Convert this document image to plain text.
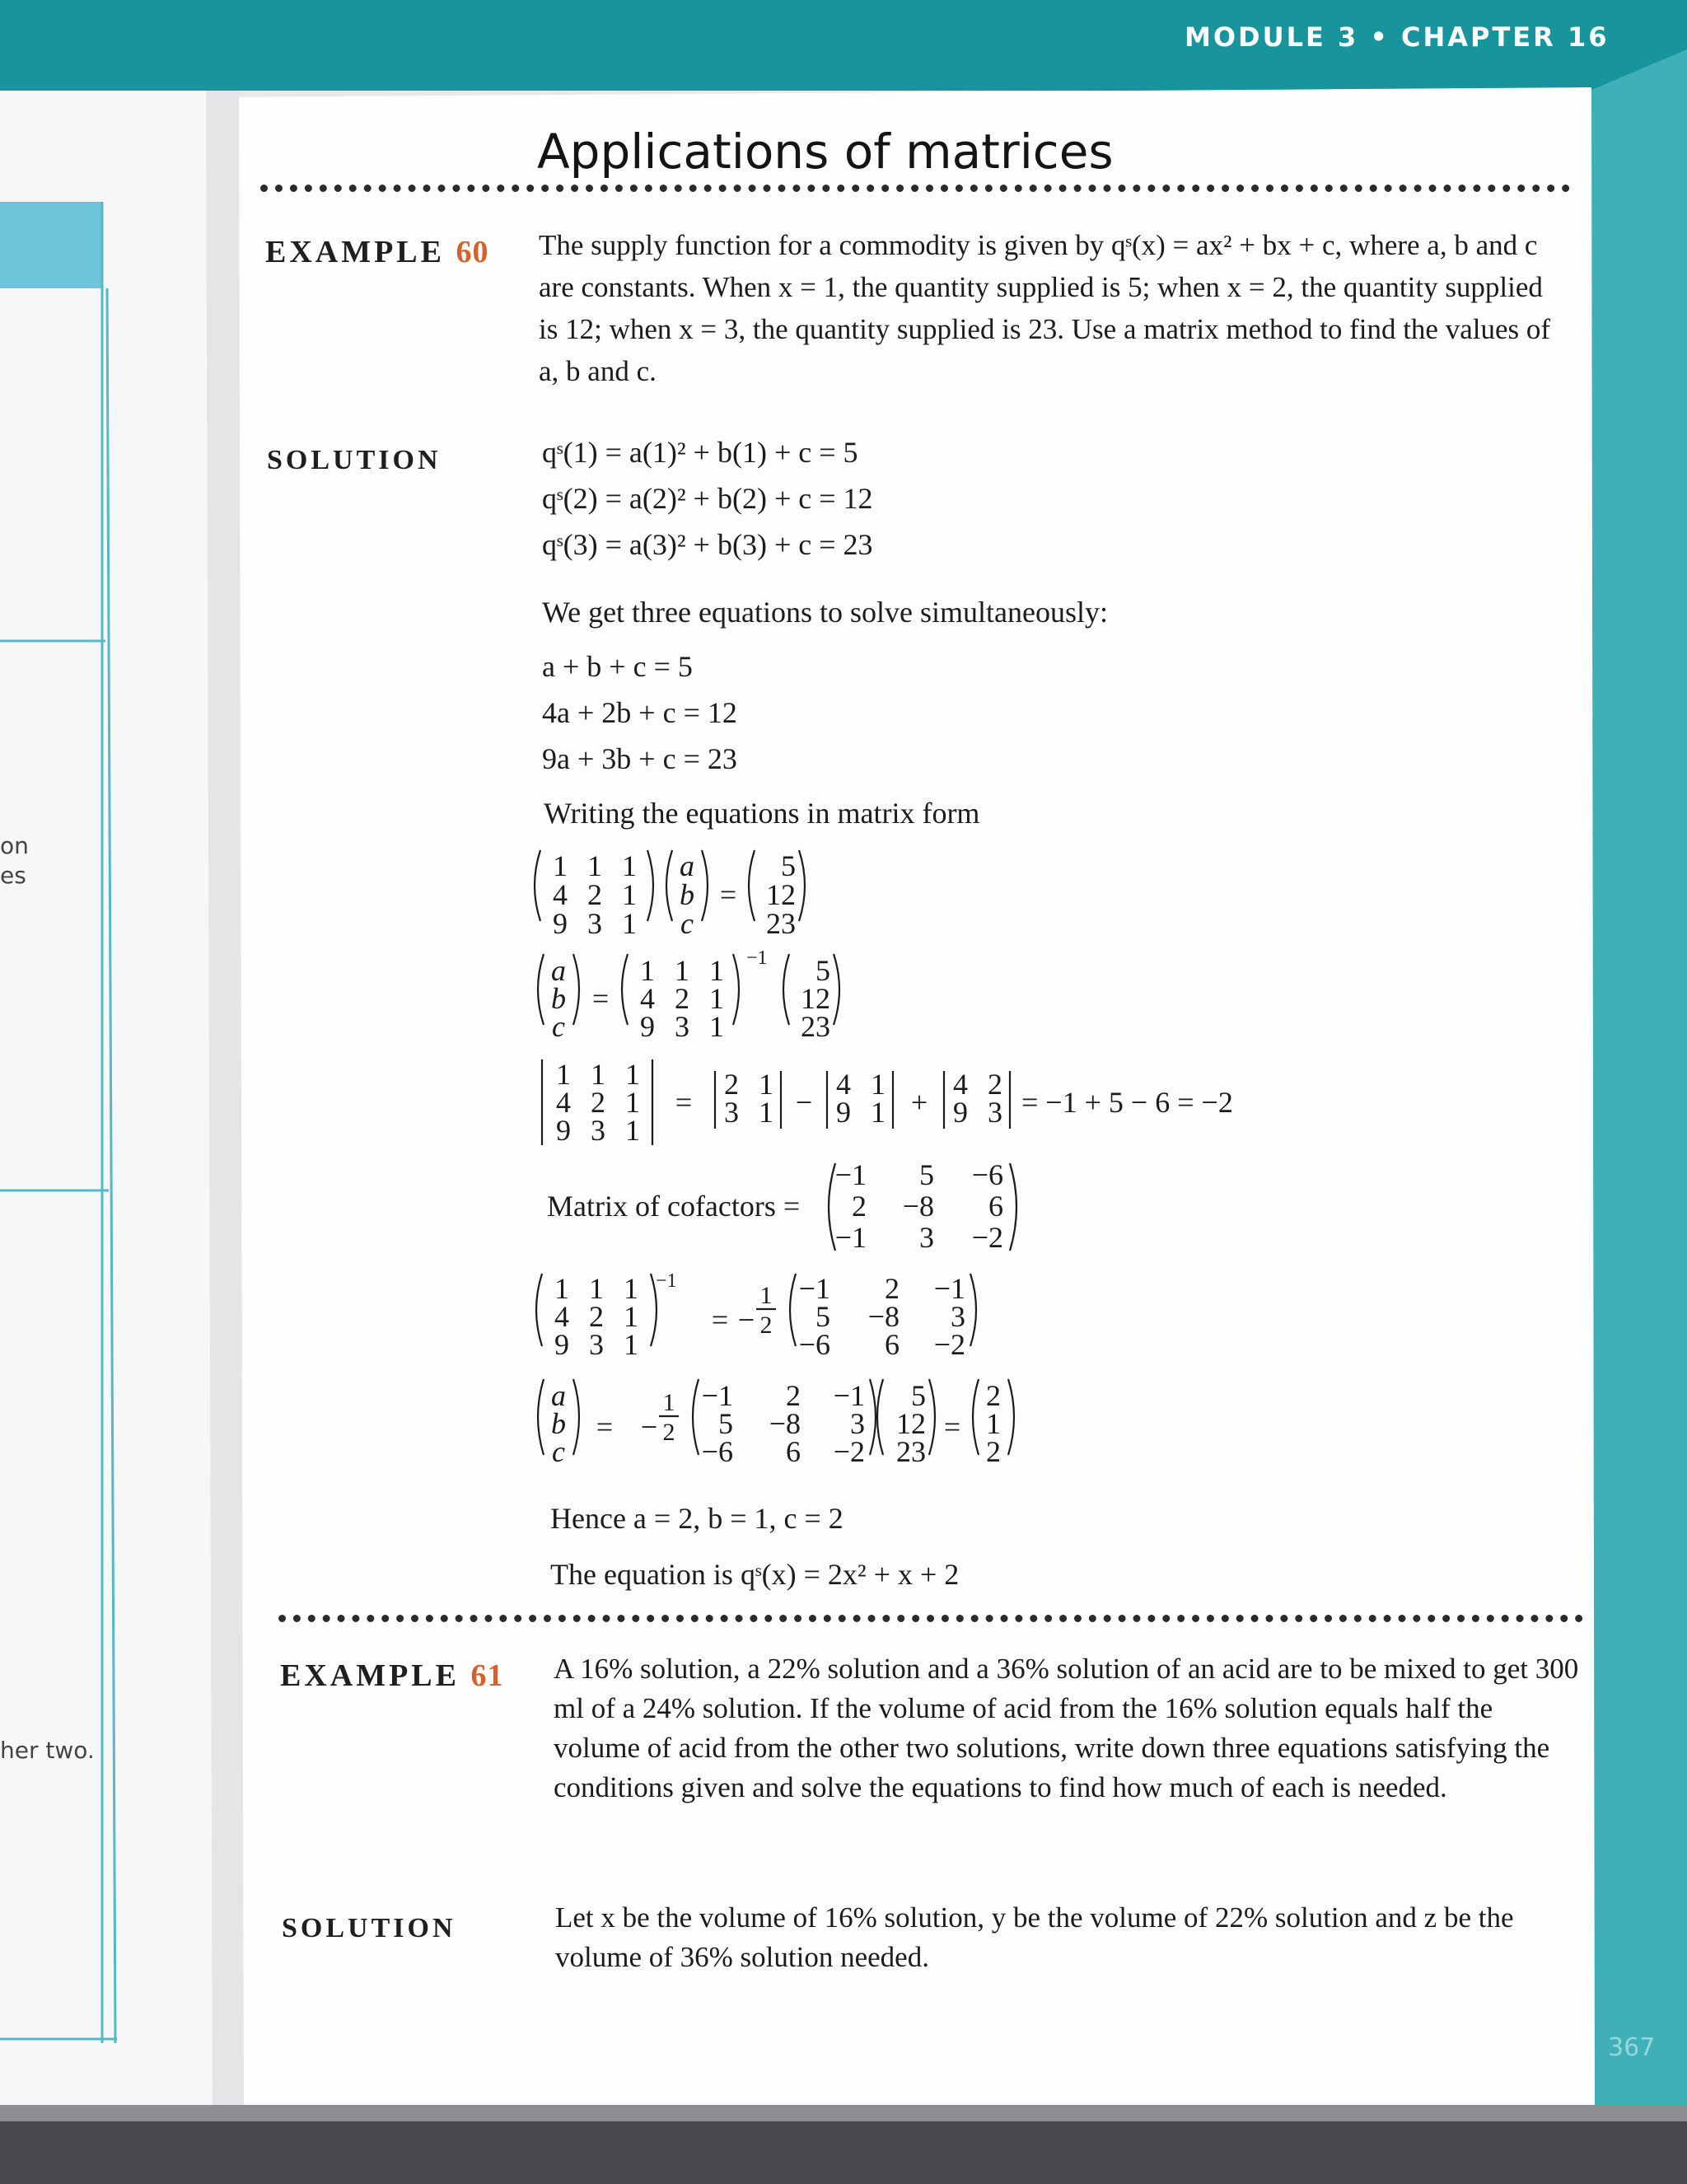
MODULE 3 • CHAPTER 16
on
es
her two.
Applications of matrices
EXAMPLE 60 The supply function for a commodity is given by qˢ(x) = ax² + bx + c, where a, b and c are constants. When x = 1, the quantity supplied is 5; when x = 2, the quantity supplied is 12; when x = 3, the quantity supplied is 23. Use a matrix method to find the values of a, b and c.
SOLUTION	qˢ(1) = a(1)² + b(1) + c = 5
qˢ(2) = a(2)² + b(2) + c = 12
qˢ(3) = a(3)² + b(3) + c = 23
We get three equations to solve simultaneously:
a + b + c = 5
4a + 2b + c = 12
9a + 3b + c = 23
Writing the equations in matrix form
1 1 1
4 2 1
9 3 1
a
b
c
=
5
12
23
a
b
c
=
1 1 1
4 2 1
9 3 1
−1 5
12
23
1 1 1
4 2 1
9 3 1
=
2 1
3 1 −
4 1
9 1 +
4 2
9 3 = −1 + 5 − 6 = −2
Matrix of cofactors =
−1 5 −6
2 −8 6
−1 3 −2
1 1 1
4 2 1
9 3 1
−1
= −
1
2
−1 2 −1
5 −8 3
−6 6 −2
a
b
c
= −
1
2
−1 2 −1
5 −8 3
−6 6 −2
5
12
23
=
2
1
2
Hence a = 2, b = 1, c = 2
The equation is qˢ(x) = 2x² + x + 2
EXAMPLE 61 A 16% solution, a 22% solution and a 36% solution of an acid are to be mixed to get 300 ml of a 24% solution. If the volume of acid from the 16% solution equals half the volume of acid from the other two solutions, write down three equations satisfying the conditions given and solve the equations to find how much of each is needed.
SOLUTION	Let x be the volume of 16% solution, y be the volume of 22% solution and z be the volume of 36% solution needed.
367
